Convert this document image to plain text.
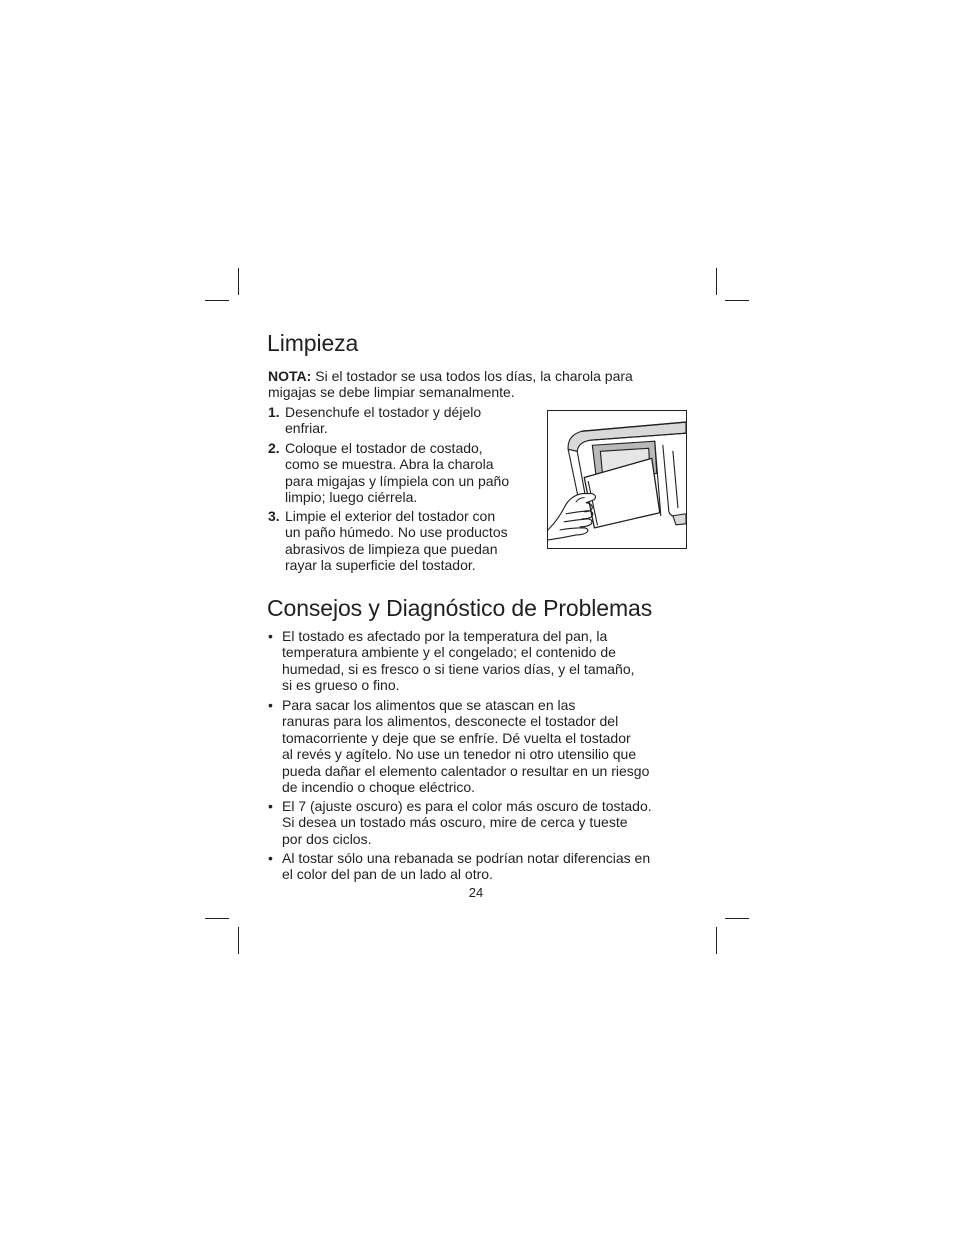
Limpieza
NOTA: Si el tostador se usa todos los días, la charola para
migajas se debe limpiar semanalmente.
1. Desenchufe el tostador y déjelo
enfriar.
2. Coloque el tostador de costado,
como se muestra. Abra la charola
para migajas y límpiela con un paño
limpio; luego ciérrela.
3. Limpie el exterior del tostador con
un paño húmedo. No use productos
abrasivos de limpieza que puedan
rayar la superficie del tostador.
Consejos y Diagnóstico de Problemas
• El tostado es afectado por la temperatura del pan, la
temperatura ambiente y el congelado; el contenido de
humedad, si es fresco o si tiene varios días, y el tamaño,
si es grueso o fino.
• Para sacar los alimentos que se atascan en las
ranuras para los alimentos, desconecte el tostador del
tomacorriente y deje que se enfríe. Dé vuelta el tostador
al revés y agítelo. No use un tenedor ni otro utensilio que
pueda dañar el elemento calentador o resultar en un riesgo
de incendio o choque eléctrico.
• El 7 (ajuste oscuro) es para el color más oscuro de tostado.
Si desea un tostado más oscuro, mire de cerca y tueste
por dos ciclos.
• Al tostar sólo una rebanada se podrían notar diferencias en
el color del pan de un lado al otro.
24
